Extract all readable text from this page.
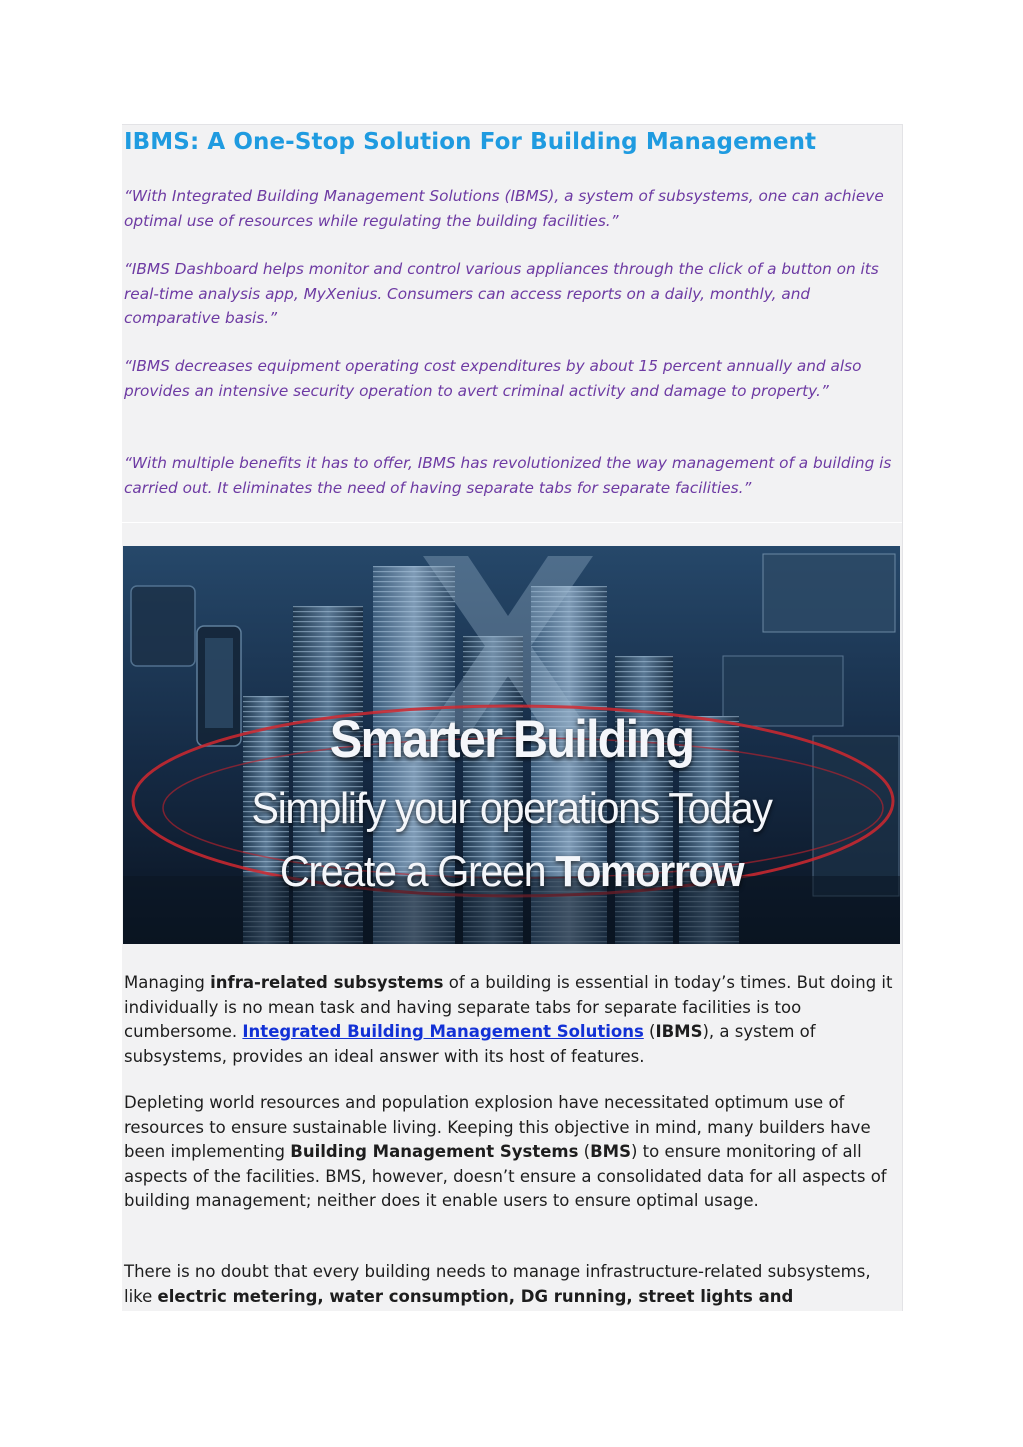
IBMS: A One-Stop Solution For Building Management

“With Integrated Building Management Solutions (IBMS), a system of subsystems, one can achieve optimal use of resources while regulating the building facilities.”

“IBMS Dashboard helps monitor and control various appliances through the click of a button on its real-time analysis app, MyXenius. Consumers can access reports on a daily, monthly, and comparative basis.”

“IBMS decreases equipment operating cost expenditures by about 15 percent annually and also provides an intensive security operation to avert criminal activity and damage to property.”

“With multiple benefits it has to offer, IBMS has revolutionized the way management of a building is carried out. It eliminates the need of having separate tabs for separate facilities.”

Smarter Building

Simplify your operations Today

Create a Green Tomorrow

Managing infra-related subsystems of a building is essential in today’s times. But doing it individually is no mean task and having separate tabs for separate facilities is too cumbersome. Integrated Building Management Solutions (IBMS), a system of subsystems, provides an ideal answer with its host of features.

Depleting world resources and population explosion have necessitated optimum use of resources to ensure sustainable living. Keeping this objective in mind, many builders have been implementing Building Management Systems (BMS) to ensure monitoring of all aspects of the facilities. BMS, however, doesn’t ensure a consolidated data for all aspects of building management; neither does it enable users to ensure optimal usage.

There is no doubt that every building needs to manage infrastructure-related subsystems, like electric metering, water consumption, DG running, street lights and
